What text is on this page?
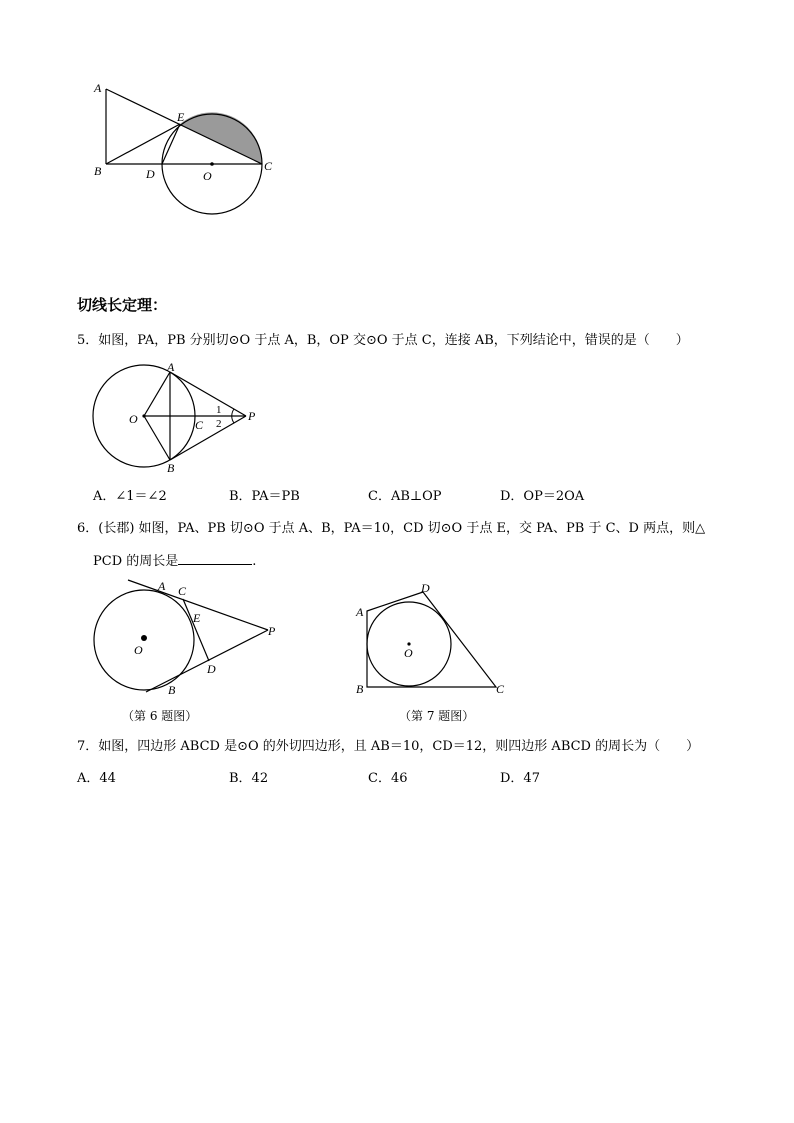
A
B	D
E
O
C
切线长定理：
5．如图，PA，PB 分别切⊙O 于点 A，B，OP 交⊙O 于点 C，连接 AB，下列结论中，错误的是（　　）
A
B
O	C
P
1
2
A．∠1＝∠2	B．PA＝PB	C．AB⊥OP	D．OP＝2OA
6．(长郡) 如图，PA、PB 切⊙O 于点 A、B，PA＝10，CD 切⊙O 于点 E，交 PA、PB 于 C、D 两点，则△
PCD 的周长是	.
A C
E
P
O
D
B
（第 6 题图）
A
D
O
B	C
（第 7 题图）
7．如图，四边形 ABCD 是⊙O 的外切四边形，且 AB＝10，CD＝12，则四边形 ABCD 的周长为（　　）
A．44	B．42	C．46	D．47
